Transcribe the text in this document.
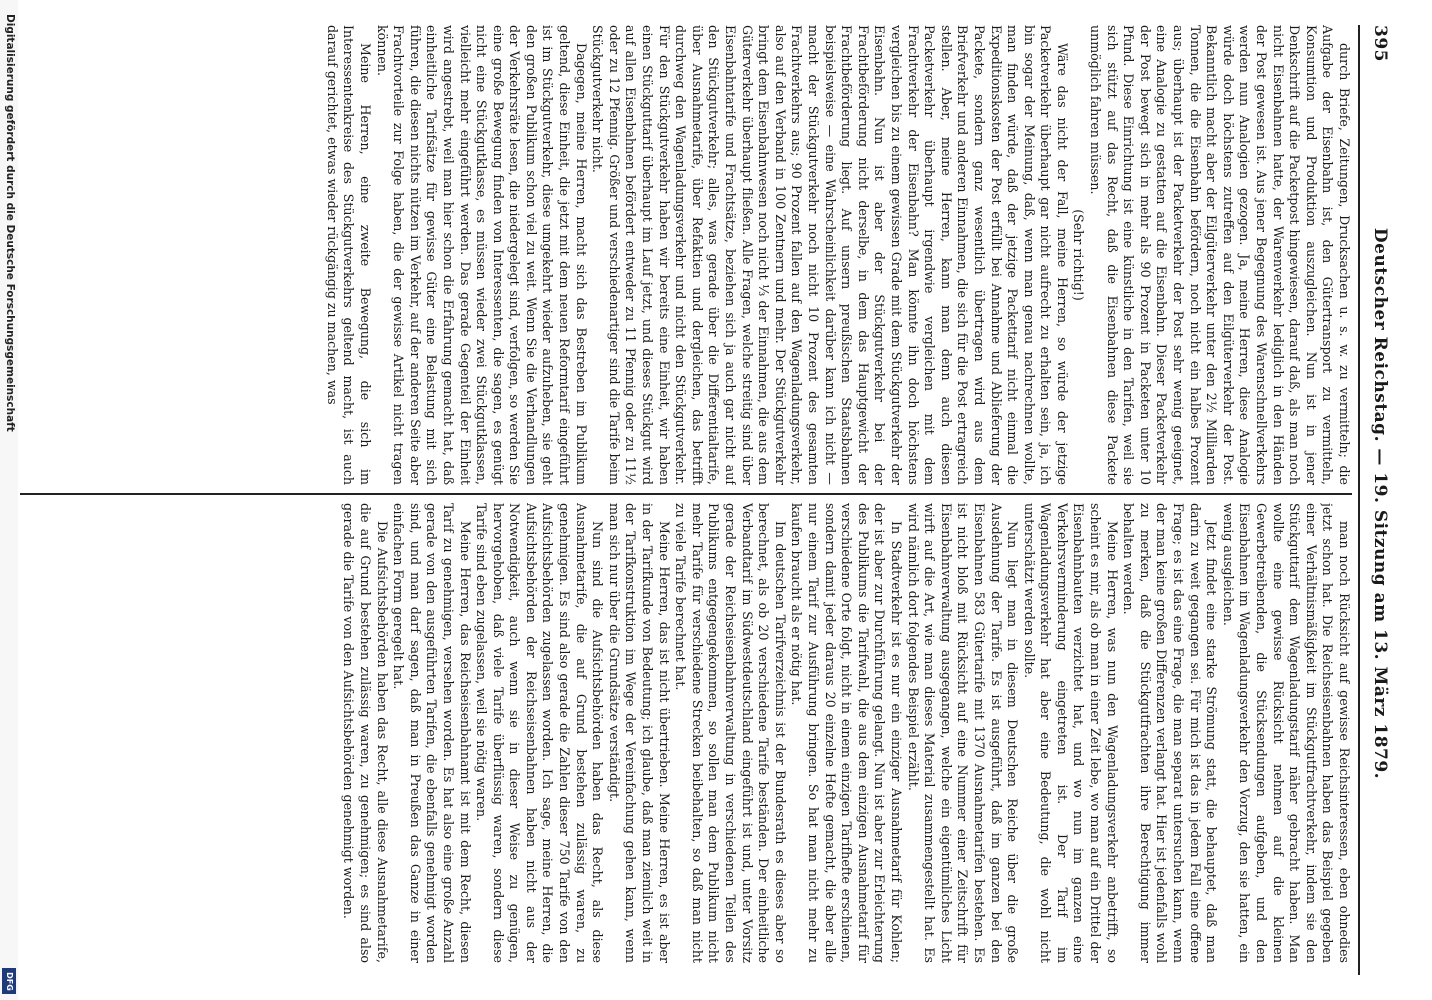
395
Deutscher Reichstag. — 19. Sitzung am 13. März 1879.

durch Briefe, Zeitungen, Drucksachen u. s. w. zu vermitteln; die Aufgabe der Eisenbahn ist, den Gütertransport zu vermitteln, Konsumtion und Produktion auszugleichen. Nun ist in jener Denkschrift auf die Packetpost hingewiesen, darauf daß, als man noch nicht Eisenbahnen hatte, der Warenverkehr lediglich in den Händen der Post gewesen ist. Aus jener Begegnung des Warenschnellverkehrs werden nun Analogien gezogen. Ja, meine Herren, diese Analogie würde doch höchstens zutreffen auf den Eilgüterverkehr der Post. Bekanntlich macht aber der Eilgüterverkehr unter den 2½ Milliarden Tonnen, die die Eisenbahn befördern, noch nicht ein halbes Prozent aus; überhaupt ist der Packetverkehr der Post sehr wenig geeignet, eine Analogie zu gestatten auf die Eisenbahn. Dieser Packetverkehr der Post bewegt sich in mehr als 90 Prozent in Packeten unter 10 Pfund. Diese Einrichtung ist eine künstliche in den Tarifen, weil sie sich stützt auf das Recht, daß die Eisenbahnen diese Packete unmöglich fahren müssen.

(Sehr richtig!)

Wäre das nicht der Fall, meine Herren, so würde der jetzige Packetverkehr überhaupt gar nicht aufrecht zu erhalten sein, ja, ich bin sogar der Meinung, daß, wenn man genau nachrechnen wollte, man finden würde, daß der jetzige Packettarif nicht einmal die Expeditionskosten der Post erfüllt bei Annahme und Ablieferung der Packete, sondern ganz wesentlich übertragen wird aus dem Briefverkehr und anderen Einnahmen, die sich für die Post ertragreich stellen. Aber, meine Herren, kann man denn auch diesen Packetverkehr überhaupt irgendwie vergleichen mit dem Frachtverkehr der Eisenbahn? Man könnte ihn doch höchstens vergleichen bis zu einem gewissen Grade mit dem Stückgutverkehr der Eisenbahn. Nun ist aber der Stückgutverkehr bei der Frachtbeförderung nicht derselbe, in dem das Hauptgewicht der Frachtbeförderung liegt. Auf unsern preußischen Staatsbahnen beispielsweise — eine Wahrscheinlichkeit darüber kann ich nicht — macht der Stückgutverkehr noch nicht 10 Prozent des gesamten Frachtverkehrs aus; 90 Prozent fallen auf den Wagenladungsverkehr, also auf den Verband in 100 Zentnern und mehr. Der Stückgutverkehr bringt dem Eisenbahnwesen noch nicht ⅓ der Einnahmen, die aus dem Güterverkehr überhaupt fließen. Alle Fragen, welche streitig sind über Eisenbahntarife und Frachtsätze, beziehen sich ja auch gar nicht auf den Stückgutverkehr; alles, was gerade über die Differentialtarife, über Ausnahmetarife, über Refaktien und dergleichen, das betrifft durchweg den Wagenladungsverkehr und nicht den Stückgutverkehr. Für den Stückgutverkehr haben wir bereits eine Einheit, wir haben einen Stückguttarif überhaupt im Lauf jetzt, und dieses Stückgut wird auf allen Eisenbahnen befördert entweder zu 11 Pfennig oder zu 11½ oder zu 12 Pfennig. Größer und verschiedenartiger sind die Tarife beim Stückgutverkehr nicht.

Dagegen, meine Herren, macht sich das Bestreben im Publikum geltend, diese Einheit, die jetzt mit dem neuen Reformtarif eingeführt ist im Stückgutverkehr, diese umgekehrt wieder aufzuheben, sie geht den großen Publikum schon viel zu weit. Wenn Sie die Verhandlungen der Verkehrsräte lesen, die niedergelegt sind, verfolgen, so werden Sie eine große Bewegung finden von Interessenten, die sagen, es genügt nicht eine Stückgutklasse, es müssen wieder zwei Stückgutklassen, vielleicht mehr eingeführt werden. Das gerade Gegenteil der Einheit wird angestrebt, weil man hier schon die Erfahrung gemacht hat, daß einheitliche Tarifsätze für gewisse Güter eine Belastung mit sich führen, die diesen nichts nützen im Verkehr, auf der anderen Seite aber Frachtvorteile zur Folge haben, die der gewisse Artikel nicht tragen können.

Meine Herren, eine zweite Bewegung, die sich im Interessentenkreise des Stückgutverkehrs geltend macht, ist auch darauf gerichtet, etwas wieder rückgängig zu machen, was

man noch Rücksicht auf gewisse Reichsinteressen, eben ohnedies jetzt schon hat. Die Reichseisenbahnen haben das Beispiel gegeben einer Verhältnismäßigkeit im Stückgutfrachtverkehr, indem sie den Stückguttarif dem Wagenladungstarif näher gebracht haben. Man wollte eine gewisse Rücksicht nehmen auf die kleinen Gewerbetreibenden, die Stücksendungen aufgeben, und den Eisenbahnen im Wagenladungsverkehr den Vorzug, den sie hatten, ein wenig ausgleichen.

Jetzt findet eine starke Strömung statt, die behauptet, daß man darin zu weit gegangen sei. Für mich ist das in jedem Fall eine offene Frage; es ist das eine Frage, die man separat untersuchen kann, wenn der man keine großen Differenzen verlangt hat. Hier ist jedenfalls wohl zu merken, daß die Stückgutfrachten ihre Berechtigung immer behalten werden.

Meine Herren, was nun den Wagenladungsverkehr anbetrifft, so scheint es mir, als ob man in einer Zeit lebe, wo man auf ein Drittel der Eisenbahnbauten verzichtet hat, und wo nun im ganzen eine Verkehrsverminderung eingetreten ist. Der Tarif im Wagenladungsverkehr hat aber eine Bedeutung, die wohl nicht unterschätzt werden sollte.

Nun liegt man in diesem Deutschen Reiche über die große Ausdehnung der Tarife. Es ist ausgeführt, daß im ganzen bei den Eisenbahnen 583 Gütertarife mit 1370 Ausnahmetarifen bestehen. Es ist nicht bloß mit Rücksicht auf eine Nummer einer Zeitschrift für Eisenbahnverwaltung ausgegangen, welche ein eigentümliches Licht wirft auf die Art, wie man dieses Material zusammengestellt hat. Es wird nämlich dort folgendes Beispiel erzählt.

In Stadtverkehr ist es nur ein einziger Ausnahmetarif für Kohlen; der ist aber zur Durchführung gelangt. Nun ist aber zur Erleichterung des Publikums die Tarifwahl, die aus dem einzigen Ausnahmetarif für verschiedene Orte folgt, nicht in einem einzigen Tarifhefte erschienen, sondern damit jeder daraus 20 einzelne Hefte gemacht, die aber alle nur einem Tarif zur Ausführung bringen. So hat man nicht mehr zu kaufen braucht als er nötig hat.

Im deutschen Tarifverzeichnis ist der Bundesrath es dieses aber so berechnet, als ob 20 verschiedene Tarife beständen. Der einheitliche Verbandtarif im Südwestdeutschland eingeführt ist und, unter Vorsitz gerade der Reichseisenbahnverwaltung in verschiedenen Teilen des Publikums entgegengekommen, so sollen man dem Publikum nicht mehr Tarife für verschiedene Strecken beibehalten, so daß man nicht zu viele Tarife berechnet hat.

Meine Herren, das ist nicht übertrieben. Meine Herren, es ist aber in der Tarifkunde von Bedeutung; ich glaube, daß man ziemlich weit in der Tarifkonstruktion im Wege der Vereinfachung gehen kann, wenn man sich nur über die Grundsätze verständigt.

Nun sind die Aufsichtsbehörden haben das Recht, als diese Ausnahmetarife, die auf Grund bestehen zulässig waren, zu genehmigen. Es sind also gerade die Zahlen dieser 750 Tarife von den Aufsichtsbehörden zugelassen worden. Ich sage, meine Herren, die Aufsichtsbehörden der Reichseisenbahnen haben nicht aus der Notwendigkeit, auch wenn sie in dieser Weise zu genügen, hervorgehoben, daß viele Tarife überflüssig waren, sondern diese Tarife sind eben zugelassen, weil sie nötig waren.

Meine Herren, das Reichseisenbahnamt ist mit dem Recht, diesen Tarif zu genehmigen, versehen worden. Es hat also eine große Anzahl gerade von den ausgeführten Tarifen, die ebenfalls genehmigt worden sind, und man darf sagen, daß man in Preußen das Ganze in einer einfachen Form geregelt hat.

Die Aufsichtsbehörden haben das Recht, alle diese Ausnahmetarife, die auf Grund bestehen zulässig waren, zu genehmigen; es sind also gerade die Tarife von den Aufsichtsbehörden genehmigt worden.

Digitalisierung gefördert durch die Deutsche Forschungsgemeinschaft
DFG
